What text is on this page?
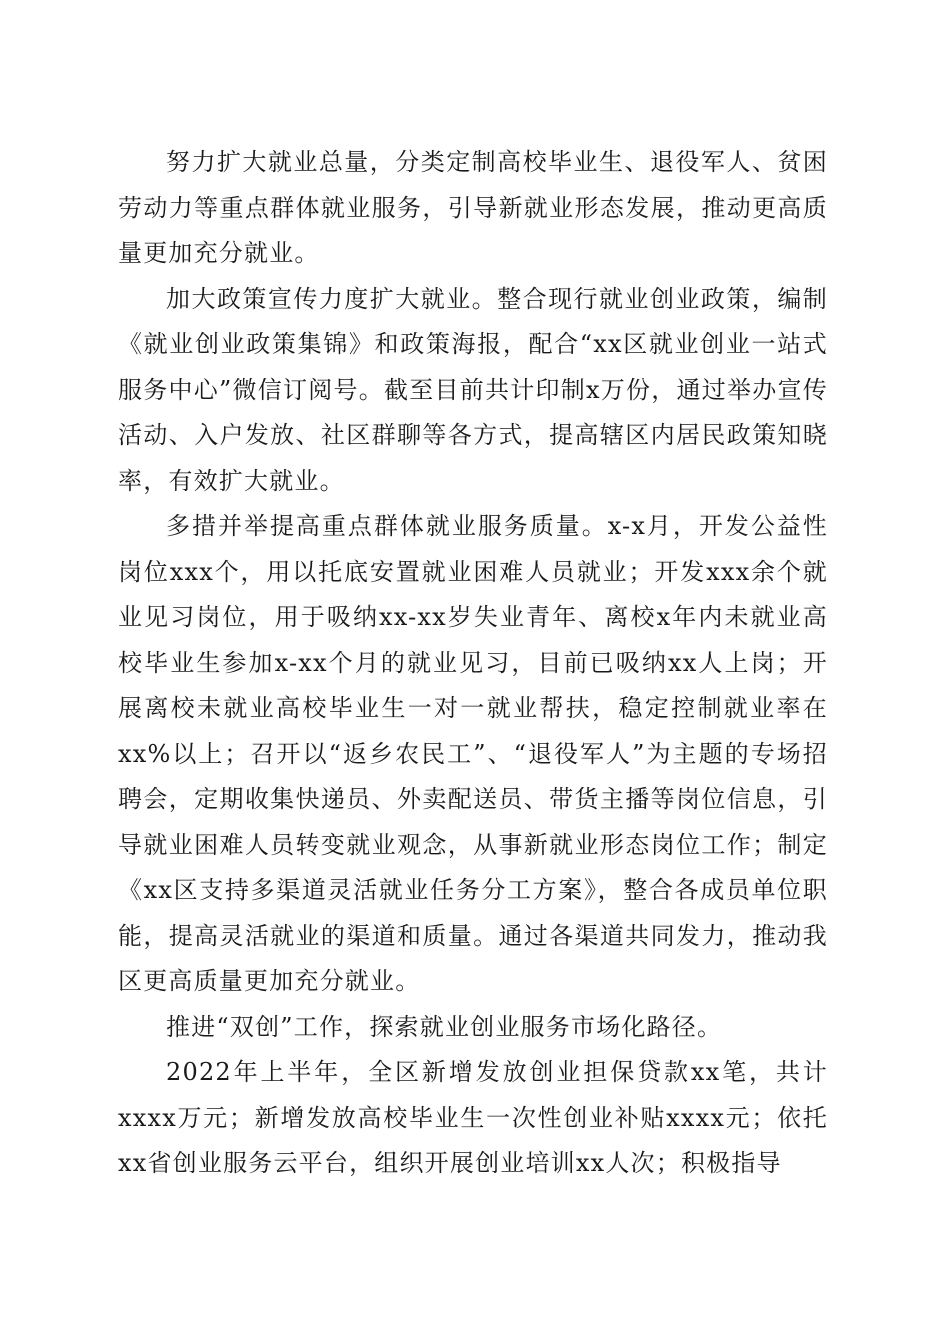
努力扩大就业总量，分类定制高校毕业生、退役军人、贫困劳动力等重点群体就业服务，引导新就业形态发展，推动更高质量更加充分就业。

加大政策宣传力度扩大就业。整合现行就业创业政策，编制《就业创业政策集锦》和政策海报，配合“xx区就业创业一站式服务中心”微信订阅号。截至目前共计印制x万份，通过举办宣传活动、入户发放、社区群聊等各方式，提高辖区内居民政策知晓率，有效扩大就业。

多措并举提高重点群体就业服务质量。x-x月，开发公益性岗位xxx个，用以托底安置就业困难人员就业；开发xxx余个就业见习岗位，用于吸纳xx-xx岁失业青年、离校x年内未就业高校毕业生参加x-xx个月的就业见习，目前已吸纳xx人上岗；开展离校未就业高校毕业生一对一就业帮扶，稳定控制就业率在xx%以上；召开以“返乡农民工”、“退役军人”为主题的专场招聘会，定期收集快递员、外卖配送员、带货主播等岗位信息，引导就业困难人员转变就业观念，从事新就业形态岗位工作；制定《xx区支持多渠道灵活就业任务分工方案》，整合各成员单位职能，提高灵活就业的渠道和质量。通过各渠道共同发力，推动我区更高质量更加充分就业。

推进“双创”工作，探索就业创业服务市场化路径。

2022年上半年，全区新增发放创业担保贷款xx笔，共计xxxx万元；新增发放高校毕业生一次性创业补贴xxxx元；依托xx省创业服务云平台，组织开展创业培训xx人次；积极指导
